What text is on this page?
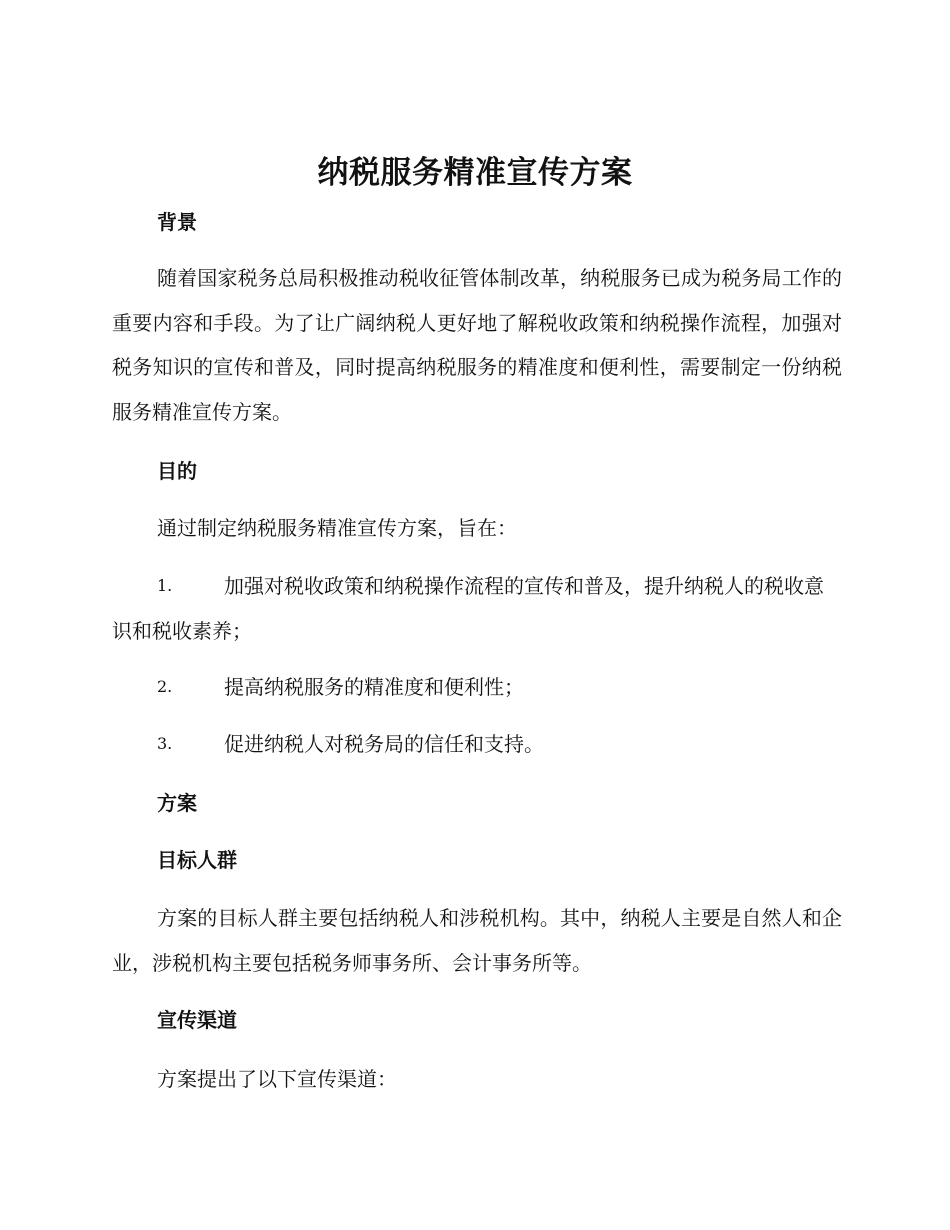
纳税服务精准宣传方案
背景
随着国家税务总局积极推动税收征管体制改革，纳税服务已成为税务局工作的重要内容和手段。为了让广阔纳税人更好地了解税收政策和纳税操作流程，加强对税务知识的宣传和普及，同时提高纳税服务的精准度和便利性，需要制定一份纳税服务精准宣传方案。
目的
通过制定纳税服务精准宣传方案，旨在：
1.	加强对税收政策和纳税操作流程的宣传和普及，提升纳税人的税收意识和税收素养；
2.	提高纳税服务的精准度和便利性；
3.	促进纳税人对税务局的信任和支持。
方案
目标人群
方案的目标人群主要包括纳税人和涉税机构。其中，纳税人主要是自然人和企业，涉税机构主要包括税务师事务所、会计事务所等。
宣传渠道
方案提出了以下宣传渠道：
